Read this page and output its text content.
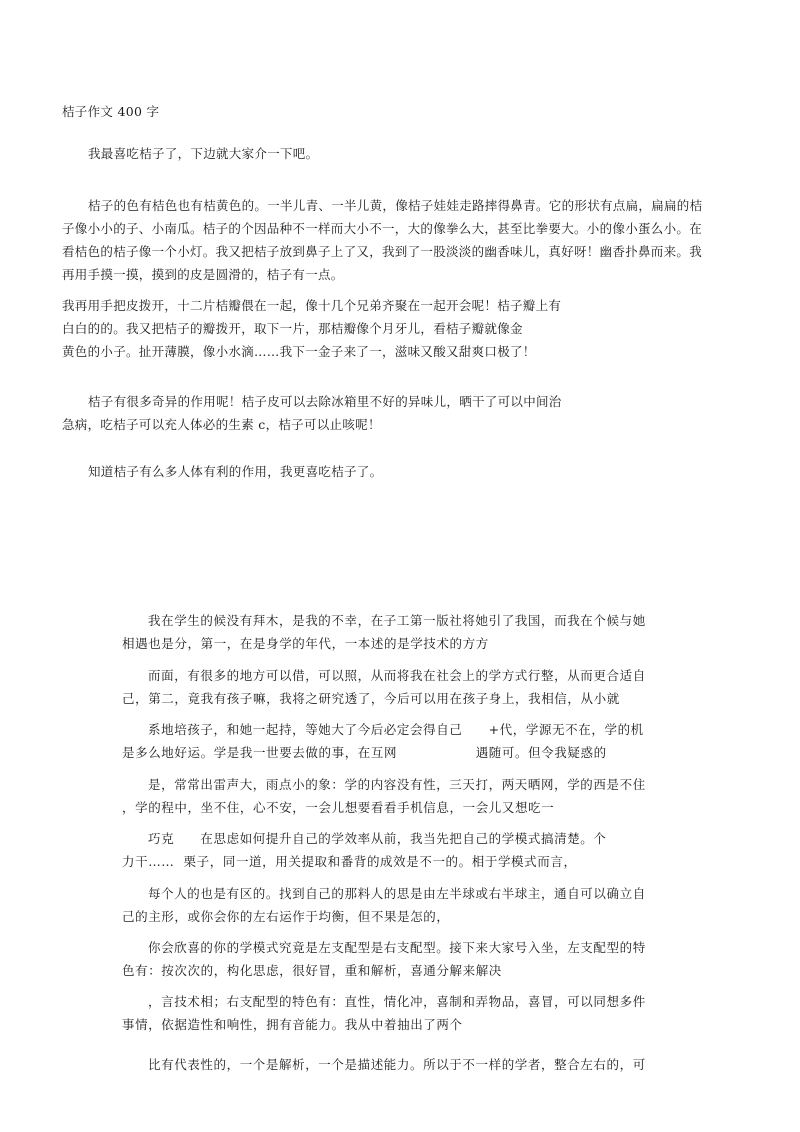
桔子作文 400 字
我最喜吃桔子了，下边就大家介一下吧。
桔子的色有桔色也有桔黄色的。一半儿青、一半儿黄，像桔子娃娃走路摔得鼻青。它的形状有点扁，扁扁的桔
子像小小的子、小南瓜。桔子的个因品种不一样而大小不一，大的像拳么大，甚至比拳要大。小的像小蛋么小。在
看桔色的桔子像一个小灯。我又把桔子放到鼻子上了又，我到了一股淡淡的幽香味儿，真好呀！幽香扑鼻而来。我
再用手摸一摸，摸到的皮是圆滑的，桔子有一点。
我再用手把皮拨开，十二片桔瓣偎在一起，像十几个兄弟齐聚在一起开会呢！桔子瓣上有
白白的的。我又把桔子的瓣拨开，取下一片，那桔瓣像个月牙儿，看桔子瓣就像金
黄色的小子。扯开薄膜，像小水滴……我下一金子来了一，滋味又酸又甜爽口极了！
桔子有很多奇异的作用呢！桔子皮可以去除冰箱里不好的异味儿，晒干了可以中间治
急病，吃桔子可以充人体必的生素 c，桔子可以止咳呢！
知道桔子有么多人体有利的作用，我更喜吃桔子了。
我在学生的候没有拜木，是我的不幸，在子工第一版社将她引了我国，而我在个候与她
相遇也是分，第一，在是身学的年代，一本述的是学技术的方方
而面，有很多的地方可以借，可以照，从而将我在社会上的学方式行整，从而更合适自
己，第二，竟我有孩子嘛，我将之研究透了，今后可以用在孩子身上，我相信，从小就
系地培孩子，和她一起持，等她大了今后必定会得自己　　+代，学源无不在，学的机
是多么地好运。学是我一世要去做的事，在互网　　　　　　遇随可。但令我疑惑的
是，常常出雷声大，雨点小的象：学的内容没有性，三天打，两天晒网，学的西是不住
，学的程中，坐不住，心不安，一会儿想要看看手机信息，一会儿又想吃一
巧克　　在思虑如何提升自己的学效率从前，我当先把自己的学模式搞清楚。个
力干……  栗子，同一道，用关提取和番背的成效是不一的。相于学模式而言，
每个人的也是有区的。找到自己的那料人的思是由左半球或右半球主，通自可以确立自
己的主形，或你会你的左右运作于均衡，但不果是怎的，
你会欣喜的你的学模式究竟是左支配型是右支配型。接下来大家号入坐，左支配型的特
色有：按次次的，构化思虑，很好冒，重和解析，喜通分解来解决
，言技术相；右支配型的特色有：直性，情化冲，喜制和弄物品，喜冒，可以同想多件
事情，依据造性和响性，拥有音能力。我从中着抽出了两个
比有代表性的，一个是解析，一个是描述能力。所以于不一样的学者，整合左右的，可
